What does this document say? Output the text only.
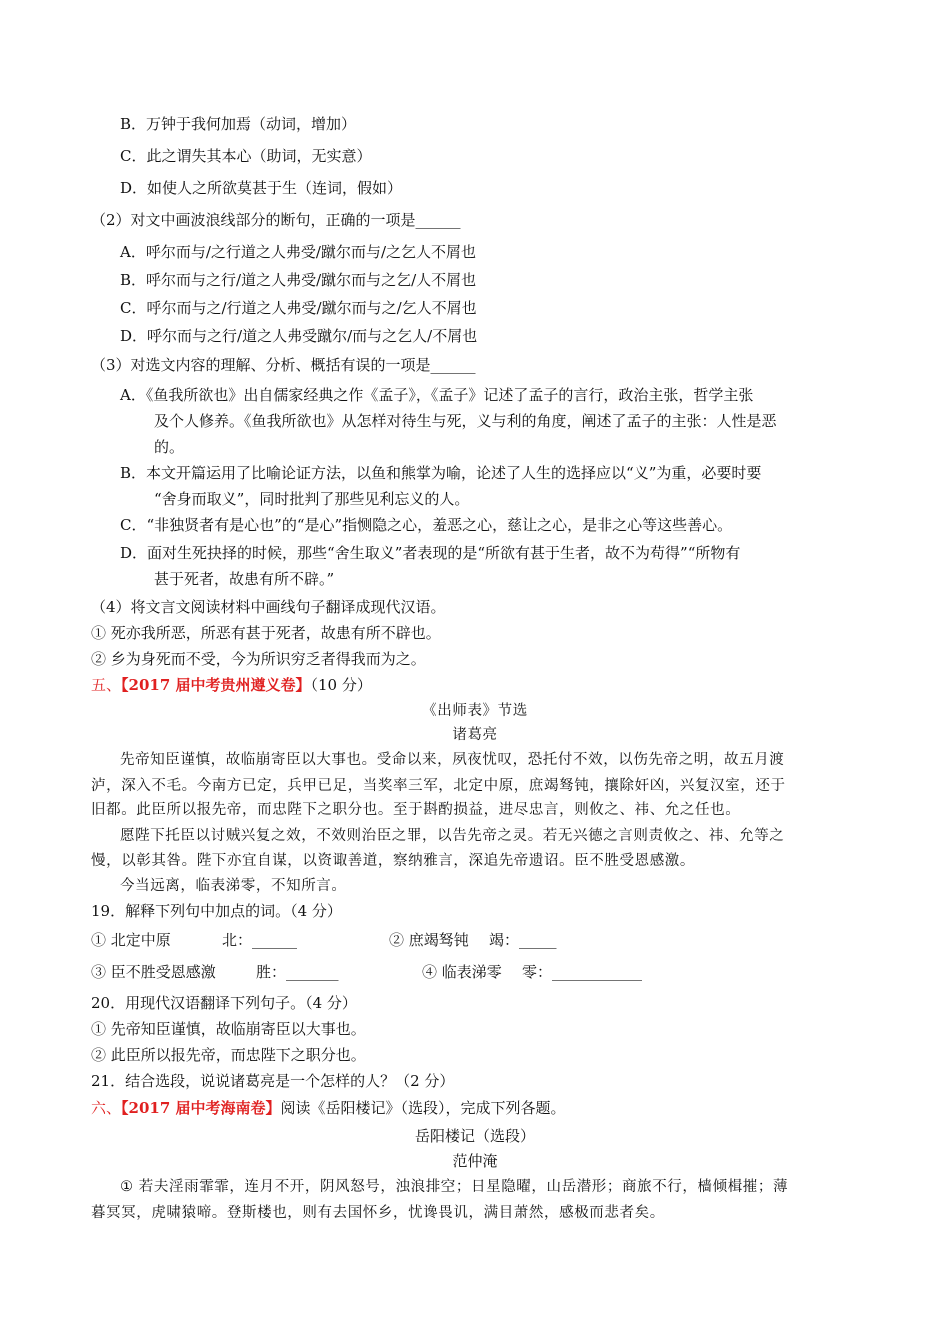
B．万钟于我何加焉（动词，增加）
C．此之谓失其本心（助词，无实意）
D．如使人之所欲莫甚于生（连词，假如）
（2）对文中画波浪线部分的断句，正确的一项是______
A．呼尔而与/之行道之人弗受/蹴尔而与/之乞人不屑也
B．呼尔而与之行/道之人弗受/蹴尔而与之乞/人不屑也
C．呼尔而与之/行道之人弗受/蹴尔而与之/乞人不屑也
D．呼尔而与之行/道之人弗受蹴尔/而与之乞人/不屑也
（3）对选文内容的理解、分析、概括有误的一项是______
A．《鱼我所欲也》出自儒家经典之作《孟子》，《孟子》记述了孟子的言行，政治主张，哲学主张
及个人修养。《鱼我所欲也》从怎样对待生与死，义与利的角度，阐述了孟子的主张：人性是恶
的。
B．本文开篇运用了比喻论证方法，以鱼和熊掌为喻，论述了人生的选择应以“义”为重，必要时要
“舍身而取义”，同时批判了那些见利忘义的人。
C．“非独贤者有是心也”的“是心”指恻隐之心，羞恶之心，慈让之心，是非之心等这些善心。
D．面对生死抉择的时候，那些“舍生取义”者表现的是“所欲有甚于生者，故不为苟得”“所物有
甚于死者，故患有所不辟。”
（4）将文言文阅读材料中画线句子翻译成现代汉语。
① 死亦我所恶，所恶有甚于死者，故患有所不辟也。
② 乡为身死而不受，今为所识穷乏者得我而为之。
五、【2017 届中考贵州遵义卷】（10 分）
《出师表》节选
诸葛亮
先帝知臣谨慎，故临崩寄臣以大事也。受命以来，夙夜忧叹，恐托付不效，以伤先帝之明，故五月渡
泸，深入不毛。今南方已定，兵甲已足，当奖率三军，北定中原，庶竭驽钝，攘除奸凶，兴复汉室，还于
旧都。此臣所以报先帝，而忠陛下之职分也。至于斟酌损益，进尽忠言，则攸之、祎、允之任也。
愿陛下托臣以讨贼兴复之效，不效则治臣之罪，以告先帝之灵。若无兴德之言则责攸之、祎、允等之
慢，以彰其咎。陛下亦宜自谋，以资诹善道，察纳雅言，深追先帝遗诏。臣不胜受恩感激。
今当远离，临表涕零，不知所言。
19．解释下列句中加点的词。（4 分）
① 北定中原	北：______	② 庶竭驽钝 竭：_____
③ 臣不胜受恩感激	胜：_______	④ 临表涕零 零：____________
20．用现代汉语翻译下列句子。（4 分）
① 先帝知臣谨慎，故临崩寄臣以大事也。
② 此臣所以报先帝，而忠陛下之职分也。
21．结合选段，说说诸葛亮是一个怎样的人？（2 分）
六、【2017 届中考海南卷】阅读《岳阳楼记》（选段），完成下列各题。
岳阳楼记（选段）
范仲淹
① 若夫淫雨霏霏，连月不开，阴风怒号，浊浪排空；日星隐曜，山岳潜形；商旅不行，樯倾楫摧；薄
暮冥冥，虎啸猿啼。登斯楼也，则有去国怀乡，忧谗畏讥，满目萧然，感极而悲者矣。
